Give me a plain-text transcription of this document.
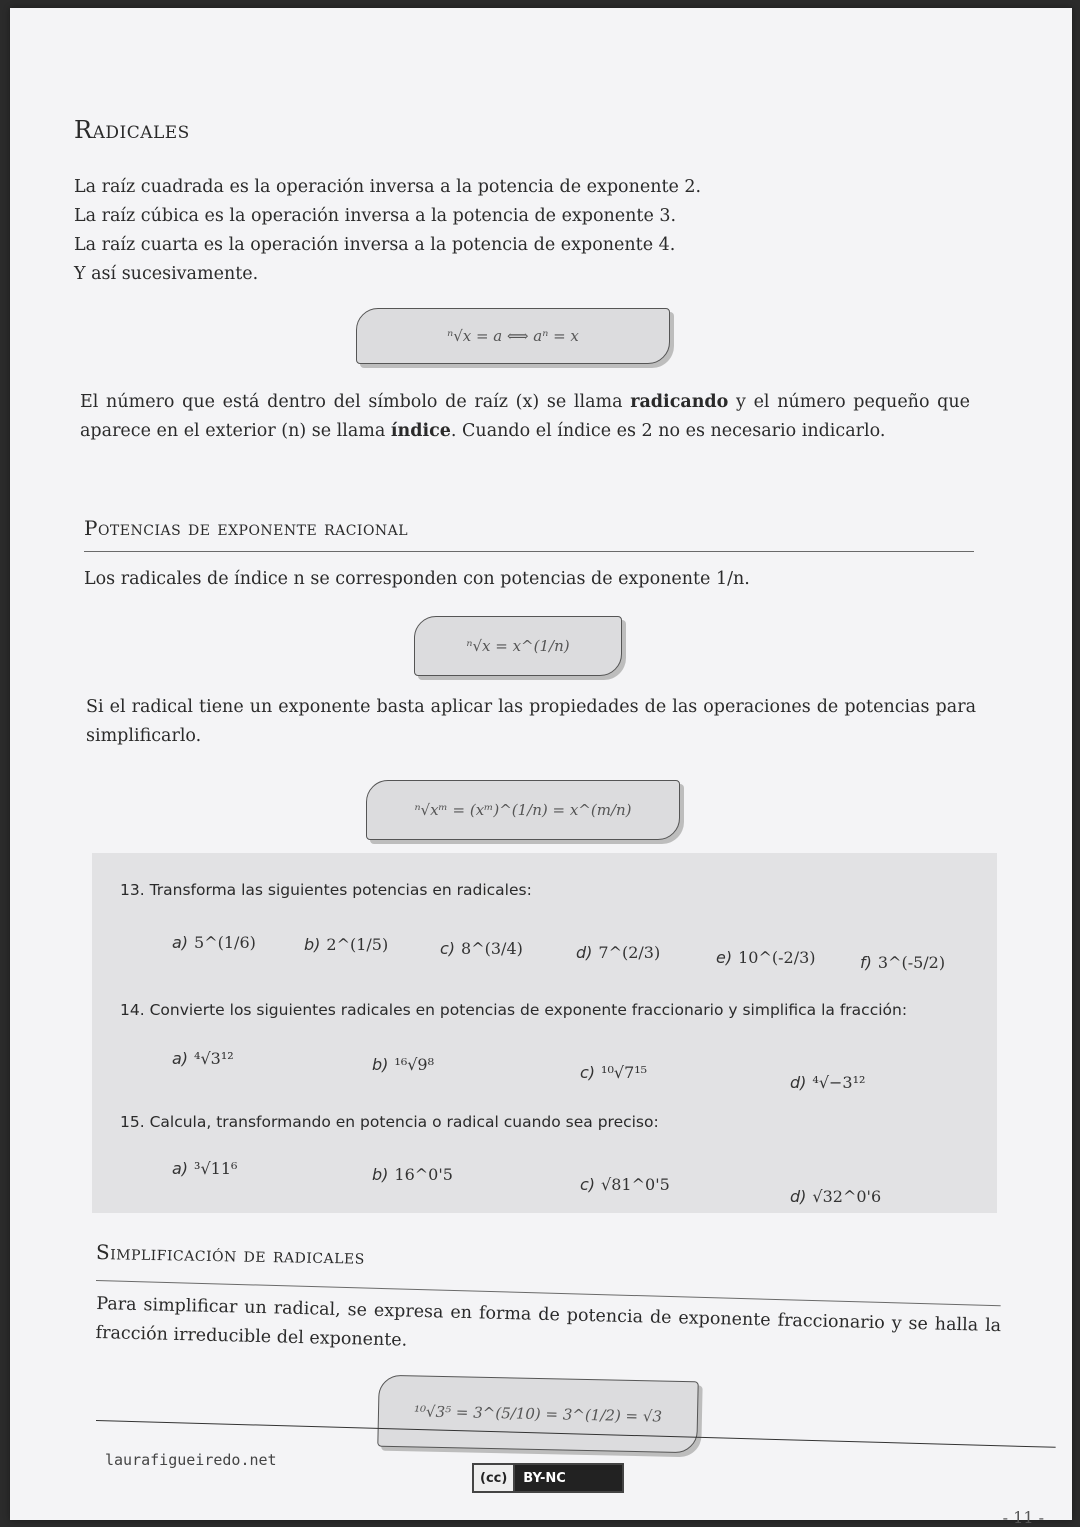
Radicales

La raíz cuadrada es la operación inversa a la potencia de exponente 2.

La raíz cúbica es la operación inversa a la potencia de exponente 3.

La raíz cuarta es la operación inversa a la potencia de exponente 4.

Y así sucesivamente.

ⁿ√x = a ⟺ aⁿ = x
El número que está dentro del símbolo de raíz (x) se llama radicando y el número pequeño que aparece en el exterior (n) se llama índice. Cuando el índice es 2 no es necesario indicarlo.
Potencias de exponente racional
Los radicales de índice n se corresponden con potencias de exponente 1/n.
ⁿ√x = x^(1/n)
Si el radical tiene un exponente basta aplicar las propiedades de las operaciones de potencias para simplificarlo.
ⁿ√xᵐ = (xᵐ)^(1/n) = x^(m/n)
13. Transforma las siguientes potencias en radicales:
a) 5^(1/6)	b) 2^(1/5)	c) 8^(3/4)	d) 7^(2/3)	e) 10^(-2/3)	f) 3^(-5/2)
14. Convierte los siguientes radicales en potencias de exponente fraccionario y simplifica la fracción:
a) ⁴√3¹²	b) ¹⁶√9⁸	c) ¹⁰√7¹⁵
d) ⁴√−3¹²
15. Calcula, transformando en potencia o radical cuando sea preciso:
a) ³√11⁶	b) 16^0'5
c) √81^0'5
d) √32^0'6
Simplificación de radicales
Para simplificar un radical, se expresa en forma de potencia de exponente fraccionario y se halla la fracción irreducible del exponente.
¹⁰√3⁵ = 3^(5/10) = 3^(1/2) = √3
laurafigueiredo.net
(cc)	BY-NC
- 11 -
